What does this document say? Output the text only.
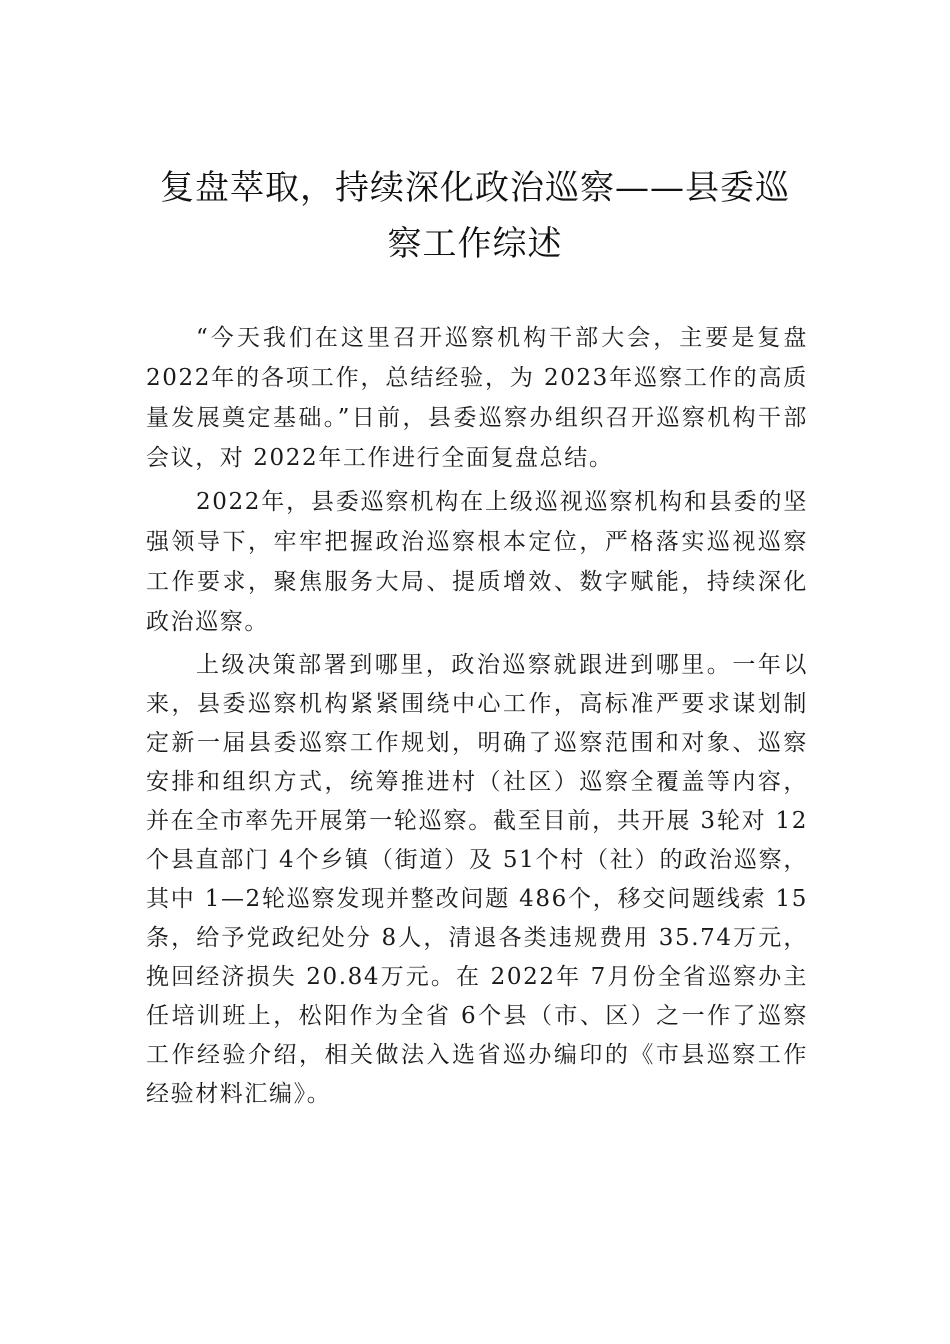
复盘萃取，持续深化政治巡察——县委巡察工作综述

“今天我们在这里召开巡察机构干部大会，主要是复盘2022年的各项工作，总结经验，为 2023年巡察工作的高质量发展奠定基础。”日前，县委巡察办组织召开巡察机构干部会议，对 2022年工作进行全面复盘总结。

2022年，县委巡察机构在上级巡视巡察机构和县委的坚强领导下，牢牢把握政治巡察根本定位，严格落实巡视巡察工作要求，聚焦服务大局、提质增效、数字赋能，持续深化政治巡察。

上级决策部署到哪里，政治巡察就跟进到哪里。一年以来，县委巡察机构紧紧围绕中心工作，高标准严要求谋划制定新一届县委巡察工作规划，明确了巡察范围和对象、巡察安排和组织方式，统筹推进村（社区）巡察全覆盖等内容，并在全市率先开展第一轮巡察。截至目前，共开展 3轮对 12个县直部门 4个乡镇（街道）及 51个村（社）的政治巡察，其中 1—2轮巡察发现并整改问题 486个，移交问题线索 15条，给予党政纪处分 8人，清退各类违规费用 35.74万元，挽回经济损失 20.84万元。在 2022年 7月份全省巡察办主任培训班上，松阳作为全省 6个县（市、区）之一作了巡察工作经验介绍，相关做法入选省巡办编印的《市县巡察工作经验材料汇编》。
